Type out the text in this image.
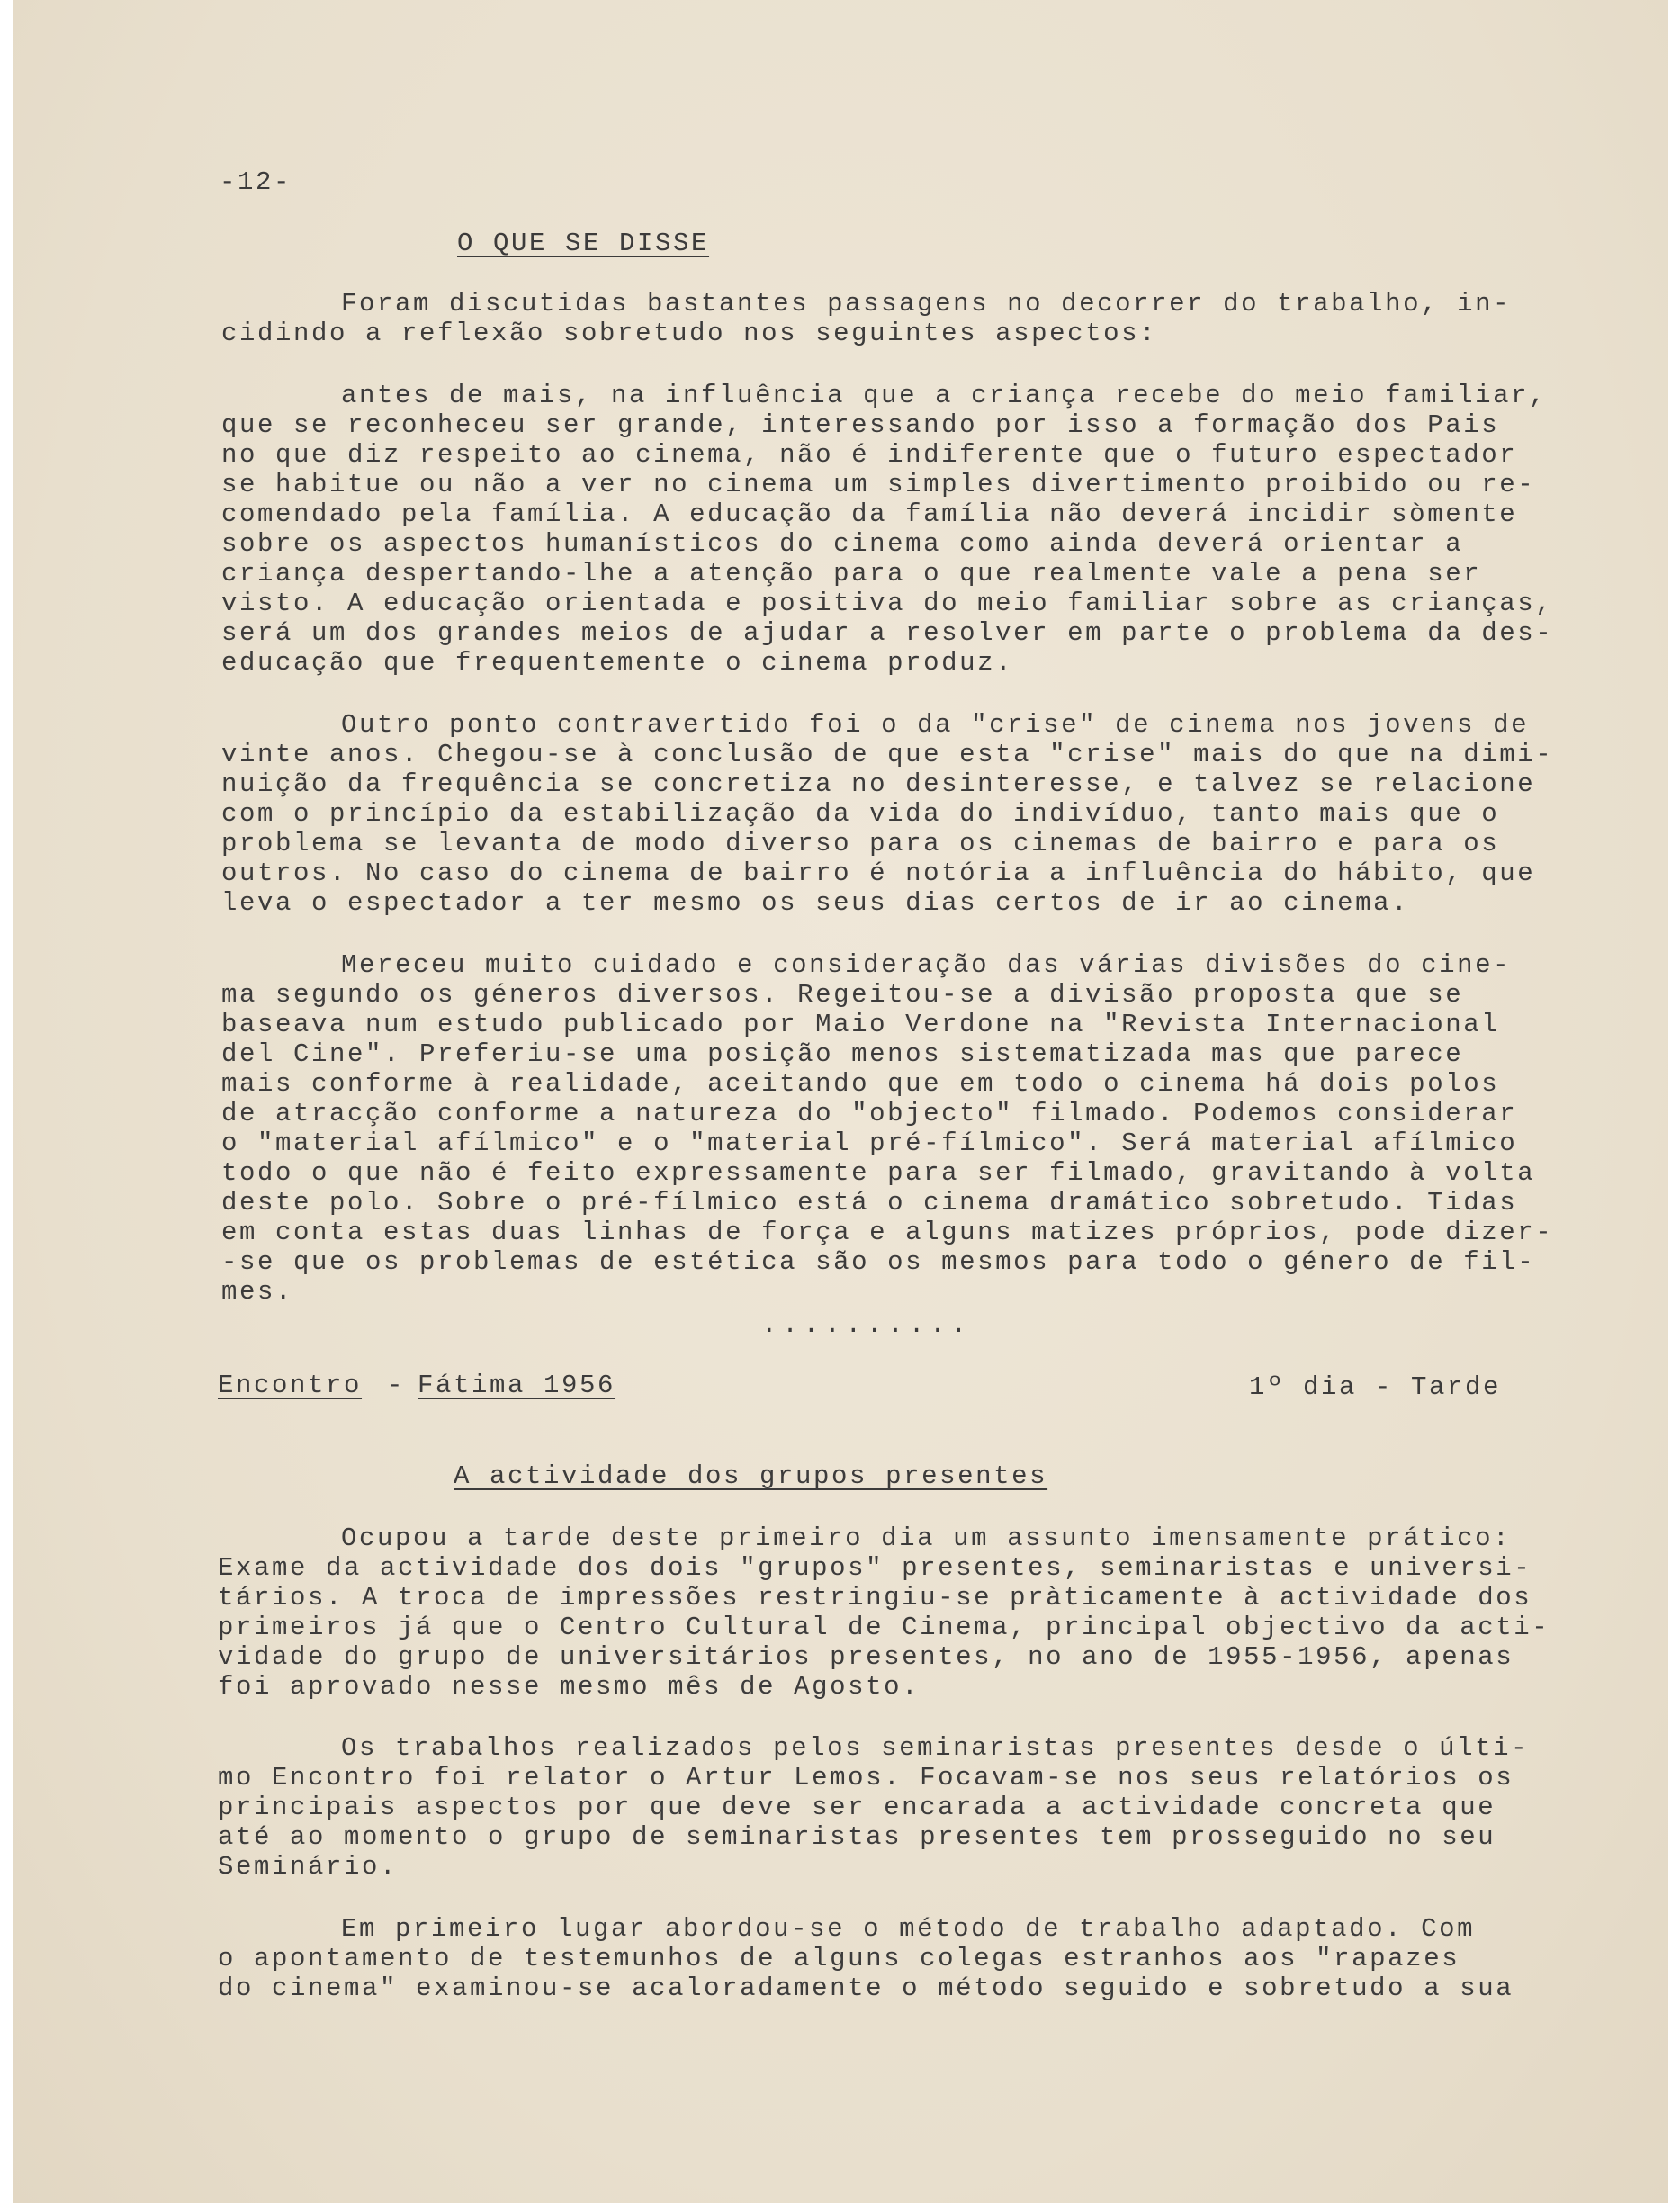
-12-
O QUE SE DISSE
Foram discutidas bastantes passagens no decorrer do trabalho, in-
cidindo a reflexão sobretudo nos seguintes aspectos:
antes de mais, na influência que a criança recebe do meio familiar,
que se reconheceu ser grande, interessando por isso a formação dos Pais
no que diz respeito ao cinema, não é indiferente que o futuro espectador
se habitue ou não a ver no cinema um simples divertimento proibido ou re-
comendado pela família. A educação da família não deverá incidir sòmente
sobre os aspectos humanísticos do cinema como ainda deverá orientar a
criança despertando-lhe a atenção para o que realmente vale a pena ser
visto. A educação orientada e positiva do meio familiar sobre as crianças,
será um dos grandes meios de ajudar a resolver em parte o problema da des-
educação que frequentemente o cinema produz.
Outro ponto contravertido foi o da "crise" de cinema nos jovens de
vinte anos. Chegou-se à conclusão de que esta "crise" mais do que na dimi-
nuição da frequência se concretiza no desinteresse, e talvez se relacione
com o princípio da estabilização da vida do indivíduo, tanto mais que o
problema se levanta de modo diverso para os cinemas de bairro e para os
outros. No caso do cinema de bairro é notória a influência do hábito, que
leva o espectador a ter mesmo os seus dias certos de ir ao cinema.
Mereceu muito cuidado e consideração das várias divisões do cine-
ma segundo os géneros diversos. Regeitou-se a divisão proposta que se
baseava num estudo publicado por Maio Verdone na "Revista Internacional
del Cine". Preferiu-se uma posição menos sistematizada mas que parece
mais conforme à realidade, aceitando que em todo o cinema há dois polos
de atracção conforme a natureza do "objecto" filmado. Podemos considerar
o "material afílmico" e o "material pré-fílmico". Será material afílmico
todo o que não é feito expressamente para ser filmado, gravitando à volta
deste polo. Sobre o pré-fílmico está o cinema dramático sobretudo. Tidas
em conta estas duas linhas de força e alguns matizes próprios, pode dizer-
-se que os problemas de estética são os mesmos para todo o género de fil-
mes.
..........
Encontro - Fátima 1956	1º dia - Tarde
A actividade dos grupos presentes
Ocupou a tarde deste primeiro dia um assunto imensamente prático:
Exame da actividade dos dois "grupos" presentes, seminaristas e universi-
tários. A troca de impressões restringiu-se pràticamente à actividade dos
primeiros já que o Centro Cultural de Cinema, principal objectivo da acti-
vidade do grupo de universitários presentes, no ano de 1955-1956, apenas
foi aprovado nesse mesmo mês de Agosto.
Os trabalhos realizados pelos seminaristas presentes desde o últi-
mo Encontro foi relator o Artur Lemos. Focavam-se nos seus relatórios os
principais aspectos por que deve ser encarada a actividade concreta que
até ao momento o grupo de seminaristas presentes tem prosseguido no seu
Seminário.
Em primeiro lugar abordou-se o método de trabalho adaptado. Com
o apontamento de testemunhos de alguns colegas estranhos aos "rapazes
do cinema" examinou-se acaloradamente o método seguido e sobretudo a sua
